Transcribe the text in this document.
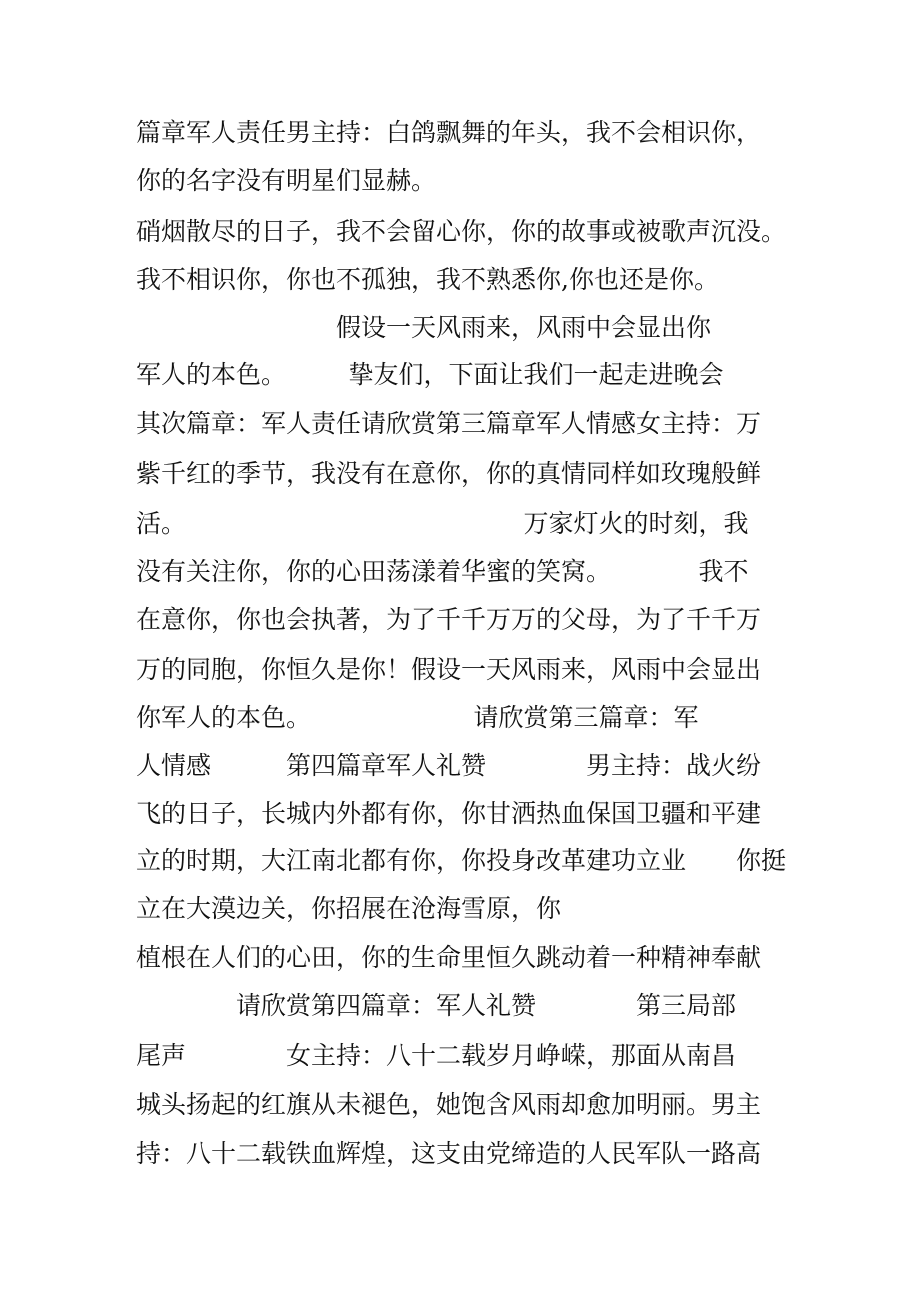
篇章军人责任男主持：白鸽飘舞的年头，我不会相识你，

你的名字没有明星们显赫。

硝烟散尽的日子，我不会留心你，你的故事或被歌声沉没。

我不相识你，你也不孤独，我不熟悉你,你也还是你。

　　　　　　　　假设一天风雨来，风雨中会显出你

军人的本色。　　　挚友们，下面让我们一起走进晚会

其次篇章：军人责任请欣赏第三篇章军人情感女主持：万

紫千红的季节，我没有在意你，你的真情同样如玫瑰般鲜

活。　　　　　　　　　　　　　　万家灯火的时刻，我

没有关注你，你的心田荡漾着华蜜的笑窝。　　　　我不

在意你，你也会执著，为了千千万万的父母，为了千千万

万的同胞，你恒久是你！假设一天风雨来，风雨中会显出

你军人的本色。　　　　　　　请欣赏第三篇章：军

人情感　　　第四篇章军人礼赞　　　　男主持：战火纷

飞的日子，长城内外都有你，你甘洒热血保国卫疆和平建

立的时期，大江南北都有你，你投身改革建功立业　　你挺

立在大漠边关，你招展在沧海雪原，你

植根在人们的心田，你的生命里恒久跳动着一种精神奉献

　　　　请欣赏第四篇章：军人礼赞　　　　第三局部

尾声　　　　女主持：八十二载岁月峥嵘，那面从南昌

城头扬起的红旗从未褪色，她饱含风雨却愈加明丽。男主

持：八十二载铁血辉煌，这支由党缔造的人民军队一路高
